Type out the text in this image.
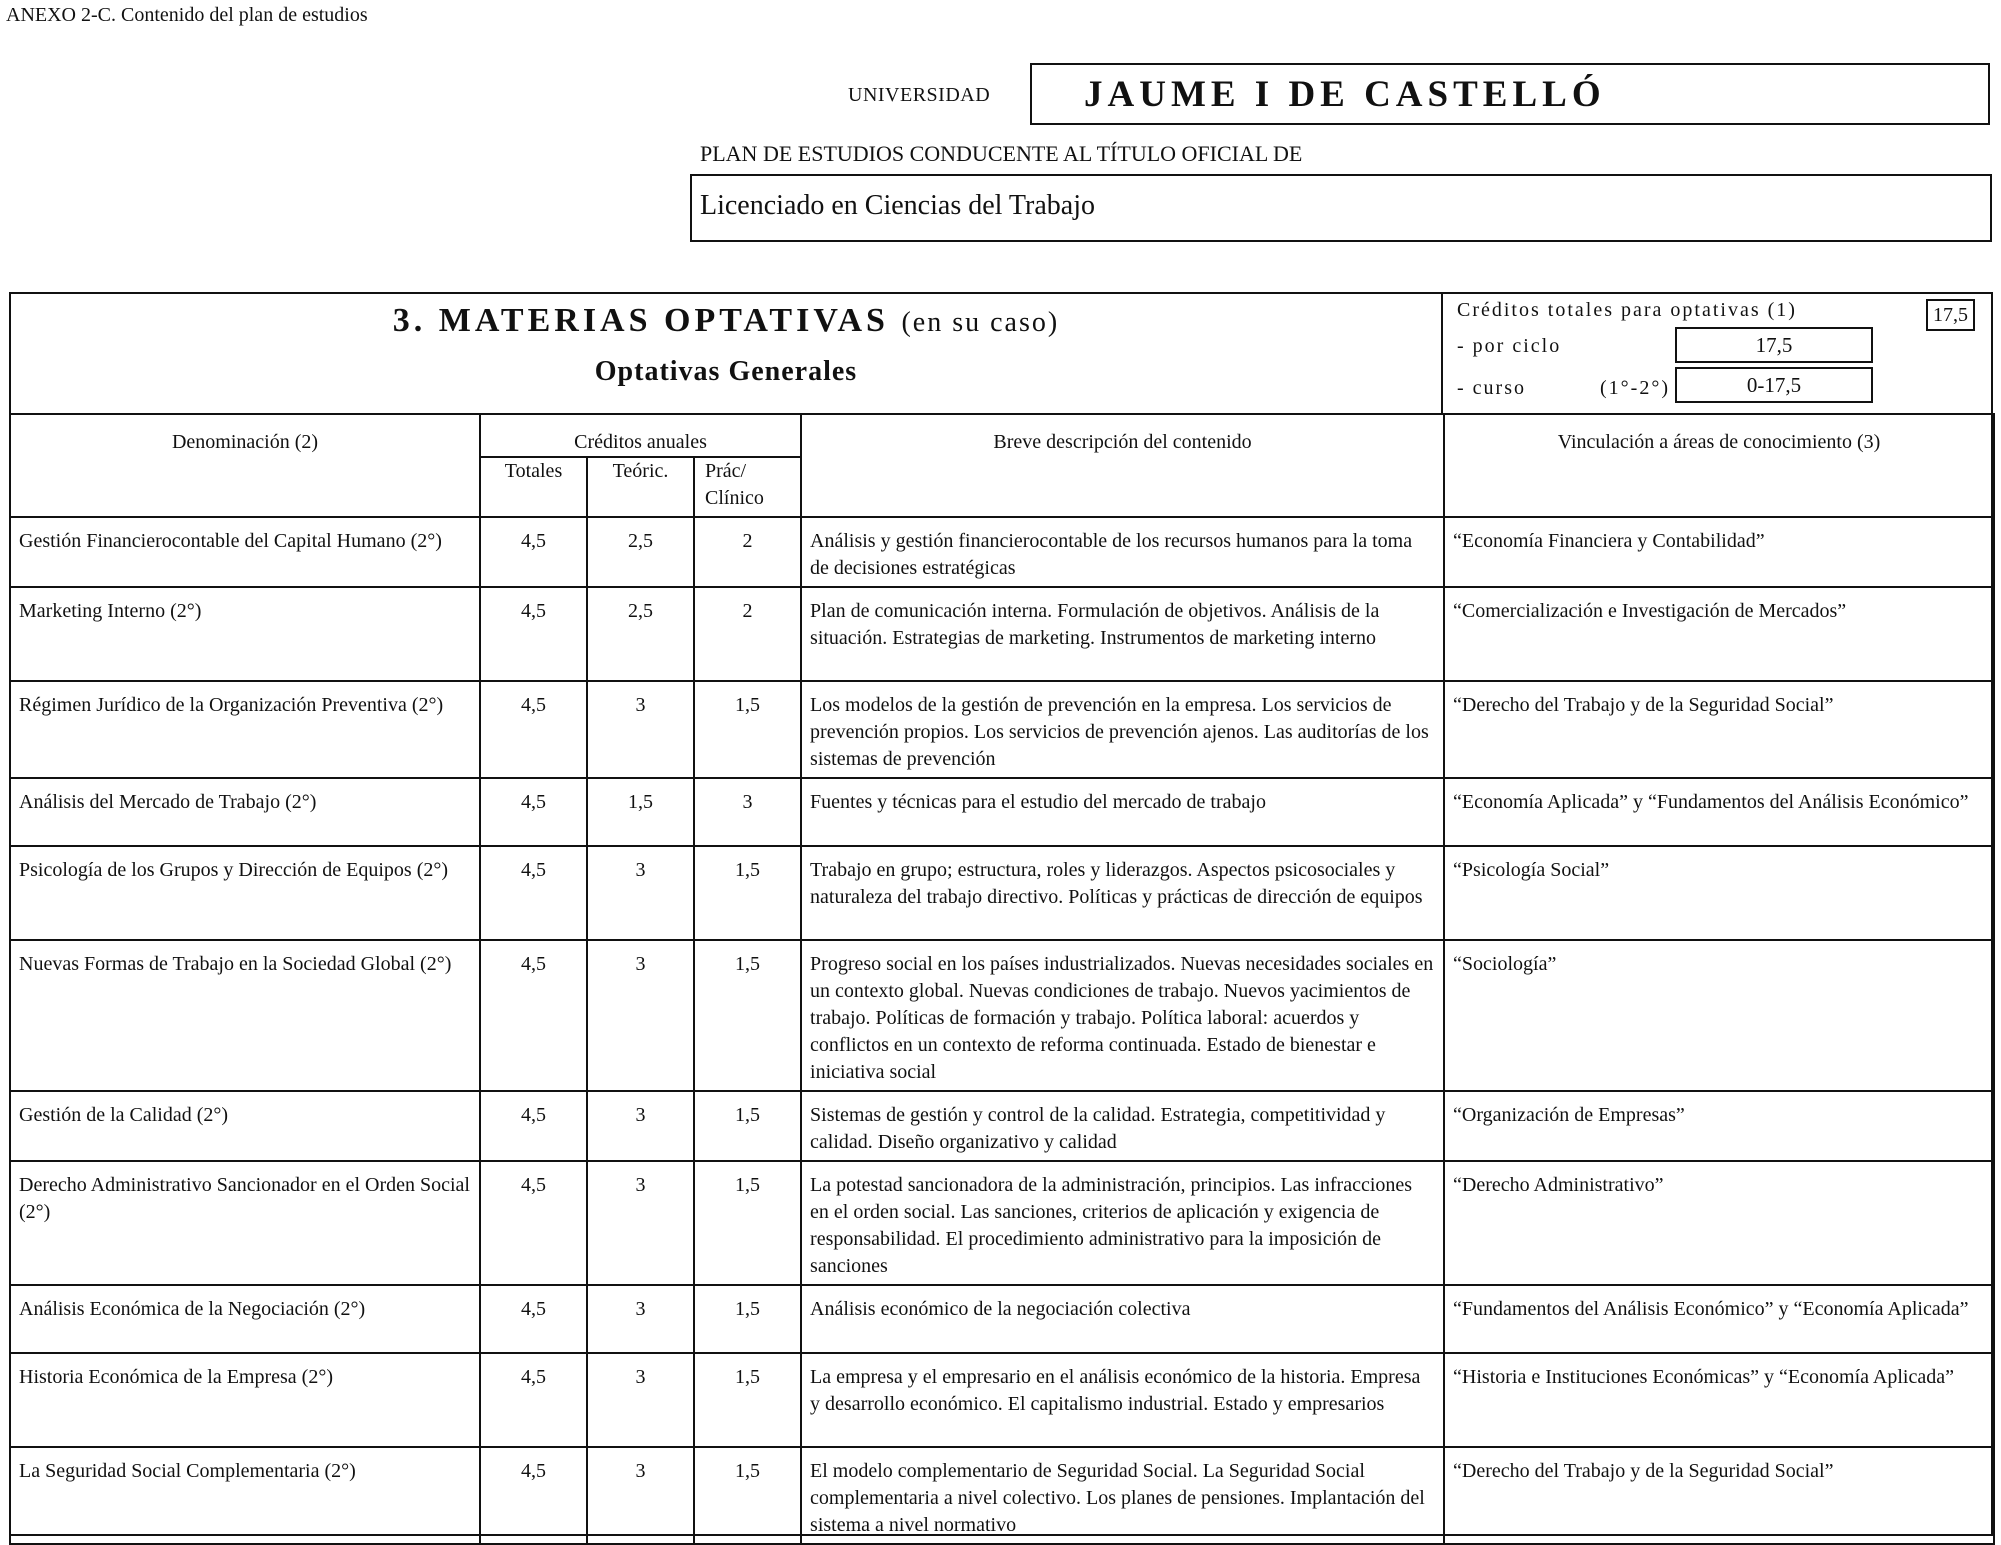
ANEXO 2-C. Contenido del plan de estudios
UNIVERSIDAD	JAUME I DE CASTELLÓ
PLAN DE ESTUDIOS CONDUCENTE AL TÍTULO OFICIAL DE
Licenciado en Ciencias del Trabajo
3. MATERIAS OPTATIVAS (en su caso)
Optativas Generales
Créditos totales para optativas (1)	17,5
- por ciclo	17,5
- curso	(1°-2°)	0-17,5
Denominación (2)	Créditos anuales			Breve descripción del contenido	Vinculación a áreas de conocimiento (3)
	Totales	Teóric.	Prác/ Clínico		
Gestión Financierocontable del Capital Humano (2°)	4,5	2,5	2	Análisis y gestión financierocontable de los recursos humanos para la toma de decisiones estratégicas	“Economía Financiera y Contabilidad”
Marketing Interno (2°)	4,5	2,5	2	Plan de comunicación interna. Formulación de objetivos. Análisis de la situación. Estrategias de marketing. Instrumentos de marketing interno	“Comercialización e Investigación de Mercados”
Régimen Jurídico de la Organización Preventiva (2°)	4,5	3	1,5	Los modelos de la gestión de prevención en la empresa. Los servicios de prevención propios. Los servicios de prevención ajenos. Las auditorías de los sistemas de prevención	“Derecho del Trabajo y de la Seguridad Social”
Análisis del Mercado de Trabajo (2°)	4,5	1,5	3	Fuentes y técnicas para el estudio del mercado de trabajo	“Economía Aplicada” y “Fundamentos del Análisis Económico”
Psicología de los Grupos y Dirección de Equipos (2°)	4,5	3	1,5	Trabajo en grupo; estructura, roles y liderazgos. Aspectos psicosociales y naturaleza del trabajo directivo. Políticas y prácticas de dirección de equipos	“Psicología Social”
Nuevas Formas de Trabajo en la Sociedad Global (2°)	4,5	3	1,5	Progreso social en los países industrializados. Nuevas necesidades sociales en un contexto global. Nuevas condiciones de trabajo. Nuevos yacimientos de trabajo. Políticas de formación y trabajo. Política laboral: acuerdos y conflictos en un contexto de reforma continuada. Estado de bienestar e iniciativa social	“Sociología”
Gestión de la Calidad (2°)	4,5	3	1,5	Sistemas de gestión y control de la calidad. Estrategia, competitividad y calidad. Diseño organizativo y calidad	“Organización de Empresas”
Derecho Administrativo Sancionador en el Orden Social (2°)	4,5	3	1,5	La potestad sancionadora de la administración, principios. Las infracciones en el orden social. Las sanciones, criterios de aplicación y exigencia de responsabilidad. El procedimiento administrativo para la imposición de sanciones	“Derecho Administrativo”
Análisis Económica de la Negociación (2°)	4,5	3	1,5	Análisis económico de la negociación colectiva	“Fundamentos del Análisis Económico” y “Economía Aplicada”
Historia Económica de la Empresa (2°)	4,5	3	1,5	La empresa y el empresario en el análisis económico de la historia. Empresa y desarrollo económico. El capitalismo industrial. Estado y empresarios	“Historia e Instituciones Económicas” y “Economía Aplicada”
La Seguridad Social Complementaria (2°)	4,5	3	1,5	El modelo complementario de Seguridad Social. La Seguridad Social complementaria a nivel colectivo. Los planes de pensiones. Implantación del sistema a nivel normativo	“Derecho del Trabajo y de la Seguridad Social”
